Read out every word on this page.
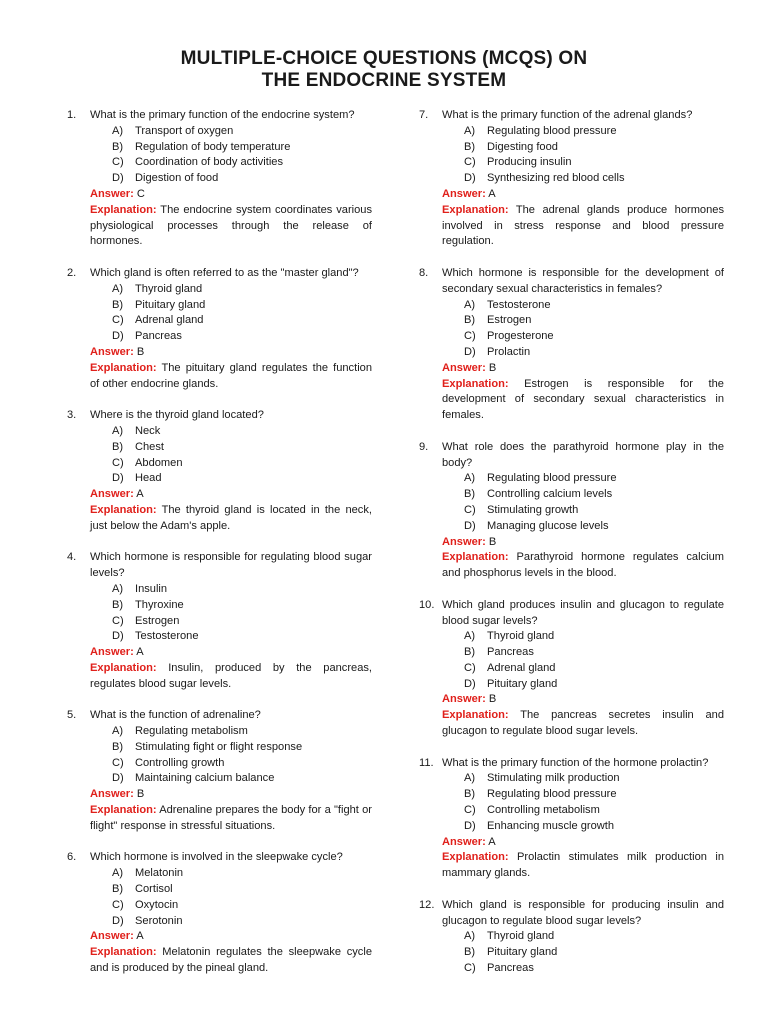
MULTIPLE-CHOICE QUESTIONS (MCQS) ON
THE ENDOCRINE SYSTEM
1. What is the primary function of the endocrine system?
A) Transport of oxygen
B) Regulation of body temperature
C) Coordination of body activities
D) Digestion of food
Answer: C
Explanation: The endocrine system coordinates various physiological processes through the release of hormones.
2. Which gland is often referred to as the "master gland"?
A) Thyroid gland
B) Pituitary gland
C) Adrenal gland
D) Pancreas
Answer: B
Explanation: The pituitary gland regulates the function of other endocrine glands.
3. Where is the thyroid gland located?
A) Neck
B) Chest
C) Abdomen
D) Head
Answer: A
Explanation: The thyroid gland is located in the neck, just below the Adam's apple.
4. Which hormone is responsible for regulating blood sugar levels?
A) Insulin
B) Thyroxine
C) Estrogen
D) Testosterone
Answer: A
Explanation: Insulin, produced by the pancreas, regulates blood sugar levels.
5. What is the function of adrenaline?
A) Regulating metabolism
B) Stimulating fight or flight response
C) Controlling growth
D) Maintaining calcium balance
Answer: B
Explanation: Adrenaline prepares the body for a "fight or flight" response in stressful situations.
6. Which hormone is involved in the sleepwake cycle?
A) Melatonin
B) Cortisol
C) Oxytocin
D) Serotonin
Answer: A
Explanation: Melatonin regulates the sleepwake cycle and is produced by the pineal gland.
7. What is the primary function of the adrenal glands?
A) Regulating blood pressure
B) Digesting food
C) Producing insulin
D) Synthesizing red blood cells
Answer: A
Explanation: The adrenal glands produce hormones involved in stress response and blood pressure regulation.
8. Which hormone is responsible for the development of secondary sexual characteristics in females?
A) Testosterone
B) Estrogen
C) Progesterone
D) Prolactin
Answer: B
Explanation: Estrogen is responsible for the development of secondary sexual characteristics in females.
9. What role does the parathyroid hormone play in the body?
A) Regulating blood pressure
B) Controlling calcium levels
C) Stimulating growth
D) Managing glucose levels
Answer: B
Explanation: Parathyroid hormone regulates calcium and phosphorus levels in the blood.
10. Which gland produces insulin and glucagon to regulate blood sugar levels?
A) Thyroid gland
B) Pancreas
C) Adrenal gland
D) Pituitary gland
Answer: B
Explanation: The pancreas secretes insulin and glucagon to regulate blood sugar levels.
11. What is the primary function of the hormone prolactin?
A) Stimulating milk production
B) Regulating blood pressure
C) Controlling metabolism
D) Enhancing muscle growth
Answer: A
Explanation: Prolactin stimulates milk production in mammary glands.
12. Which gland is responsible for producing insulin and glucagon to regulate blood sugar levels?
A) Thyroid gland
B) Pituitary gland
C) Pancreas
